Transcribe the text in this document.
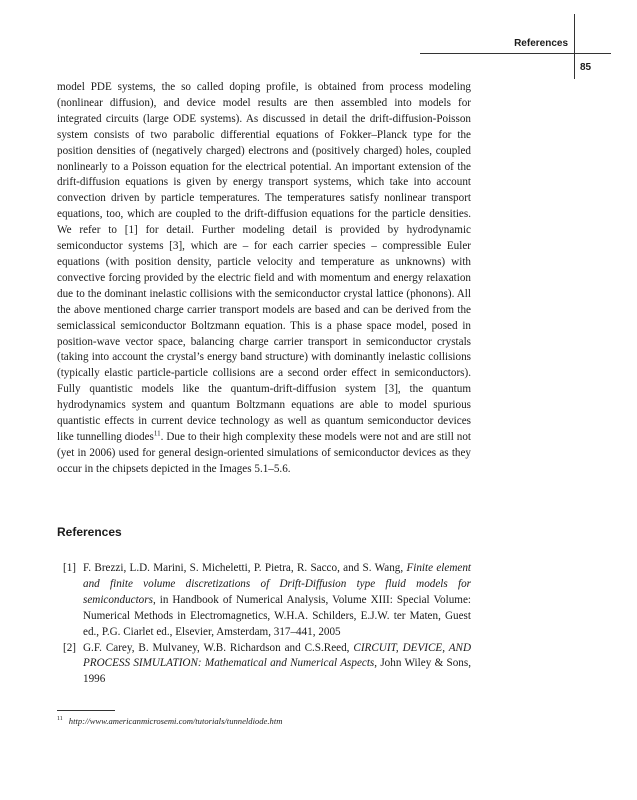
References
85

model PDE systems, the so called doping profile, is obtained from process modeling (nonlinear diffusion), and device model results are then assembled into models for integrated circuits (large ODE systems). As discussed in detail the drift-diffusion-Poisson system consists of two parabolic differential equations of Fokker–Planck type for the position densities of (negatively charged) electrons and (positively charged) holes, coupled nonlinearly to a Poisson equation for the electrical potential. An important extension of the drift-diffusion equations is given by energy transport systems, which take into account convection driven by particle temperatures. The temperatures satisfy nonlinear transport equations, too, which are coupled to the drift-diffusion equations for the particle densities. We refer to [1] for detail. Further modeling detail is provided by hydrodynamic semiconductor systems [3], which are – for each carrier species – compressible Euler equations (with position density, particle velocity and temperature as unknowns) with convective forcing provided by the electric field and with momentum and energy relaxation due to the dominant inelastic collisions with the semiconductor crystal lattice (phonons). All the above mentioned charge carrier transport models are based and can be derived from the semiclassical semiconductor Boltzmann equation. This is a phase space model, posed in position-wave vector space, balancing charge carrier transport in semiconductor crystals (taking into account the crystal’s energy band structure) with dominantly inelastic collisions (typically elastic particle-particle collisions are a second order effect in semiconductors). Fully quantistic models like the quantum-drift-diffusion system [3], the quantum hydrodynamics system and quantum Boltzmann equations are able to model spurious quantistic effects in current device technology as well as quantum semiconductor devices like tunnelling diodes$^{11}$. Due to their high complexity these models were not and are still not (yet in 2006) used for general design-oriented simulations of semiconductor devices as they occur in the chipsets depicted in the Images 5.1–5.6.

References
[1] F. Brezzi, L.D. Marini, S. Micheletti, P. Pietra, R. Sacco, and S. Wang, Finite element and finite volume discretizations of Drift-Diffusion type fluid models for semiconductors, in Handbook of Numerical Analysis, Volume XIII: Special Volume: Numerical Methods in Electromagnetics, W.H.A. Schilders, E.J.W. ter Maten, Guest ed., P.G. Ciarlet ed., Elsevier, Amsterdam, 317–441, 2005
[2] G.F. Carey, B. Mulvaney, W.B. Richardson and C.S.Reed, CIRCUIT, DEVICE, AND PROCESS SIMULATION: Mathematical and Numerical Aspects, John Wiley & Sons, 1996

$^{11}$ http://www.americanmicrosemi.com/tutorials/tunneldiode.htm
